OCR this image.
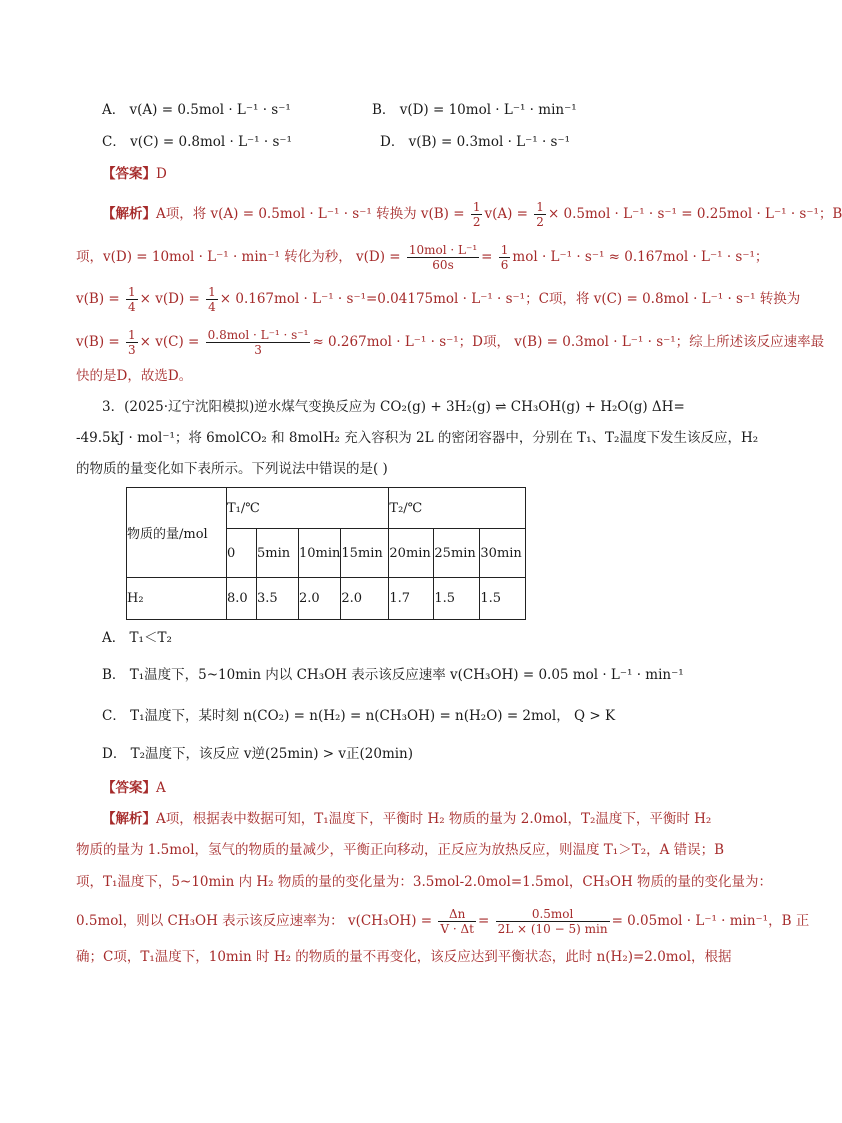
A． v(A) = 0.5mol · L⁻¹ · s⁻¹	B． v(D) = 10mol · L⁻¹ · min⁻¹
C． v(C) = 0.8mol · L⁻¹ · s⁻¹	D． v(B) = 0.3mol · L⁻¹ · s⁻¹
【答案】D
【解析】A项，将 v(A) = 0.5mol · L⁻¹ · s⁻¹ 转换为 $v(B) = \frac{1}{2} v(A) = \frac{1}{2} \times 0.5mol \cdot L^{-1} \cdot s^{-1} = 0.25mol \cdot L^{-1} \cdot s^{-1}$；B
项，v(D) = 10mol · L⁻¹ · min⁻¹ 转化为秒， $v(D) = \frac{\text{10mol · L⁻¹}}{60s} = \frac{1}{6}$ mol · L⁻¹ · s⁻¹ ≈ 0.167mol · L⁻¹ · s⁻¹；
$v(B) = \frac{1}{4} \times v(D) = \frac{1}{4} \times 0.167mol \cdot L^{-1} \cdot s^{-1}=0.04175mol \cdot L^{-1} \cdot s^{-1}$；C项，将 v(C) = 0.8mol · L⁻¹ · s⁻¹ 转换为
$v(B) = \frac{1}{3} \times v(C) = \frac{\text{0.8mol · L⁻¹ · s⁻¹}}{3} \approx 0.267mol \cdot L^{-1} \cdot s^{-1}$；D项， v(B) = 0.3mol · L⁻¹ · s⁻¹；综上所述该反应速率最
快的是D，故选D。
3．(2025·辽宁沈阳模拟)逆水煤气变换反应为 CO₂(g) + 3H₂(g) ⇌ CH₃OH(g) + H₂O(g) ΔH=
-49.5kJ · mol⁻¹；将 6molCO₂ 和 8molH₂ 充入容积为 2L 的密闭容器中，分别在 T₁、T₂温度下发生该反应，H₂
的物质的量变化如下表所示。下列说法中错误的是( )
物质的量/mol	T₁/℃				T₂/℃		
	0	5min	10min	15min	20min	25min	30min
H₂	8.0	3.5	2.0	2.0	1.7	1.5	1.5
A． T₁＜T₂
B． T₁温度下，5~10min 内以 CH₃OH 表示该反应速率 v(CH₃OH) = 0.05 mol · L⁻¹ · min⁻¹
C． T₁温度下，某时刻 n(CO₂) = n(H₂) = n(CH₃OH) = n(H₂O) = 2mol， Q > K
D． T₂温度下，该反应 v逆(25min) > v正(20min)
【答案】A
【解析】A项，根据表中数据可知，T₁温度下，平衡时 H₂ 物质的量为 2.0mol，T₂温度下，平衡时 H₂
物质的量为 1.5mol，氢气的物质的量减少，平衡正向移动，正反应为放热反应，则温度 T₁＞T₂，A 错误；B
项，T₁温度下，5~10min 内 H₂ 物质的量的变化量为：3.5mol-2.0mol=1.5mol，CH₃OH 物质的量的变化量为：
0.5mol，则以 CH₃OH 表示该反应速率为： $v(CH_3OH) = \frac{\Delta n}{V \cdot \Delta t} = \frac{\text{0.5mol}}{2L \times (10 - 5) \min} = 0.05mol \cdot L^{-1} \cdot \min^{-1}$，B 正
确；C项，T₁温度下，10min 时 H₂ 的物质的量不再变化，该反应达到平衡状态，此时 n(H₂)=2.0mol，根据
